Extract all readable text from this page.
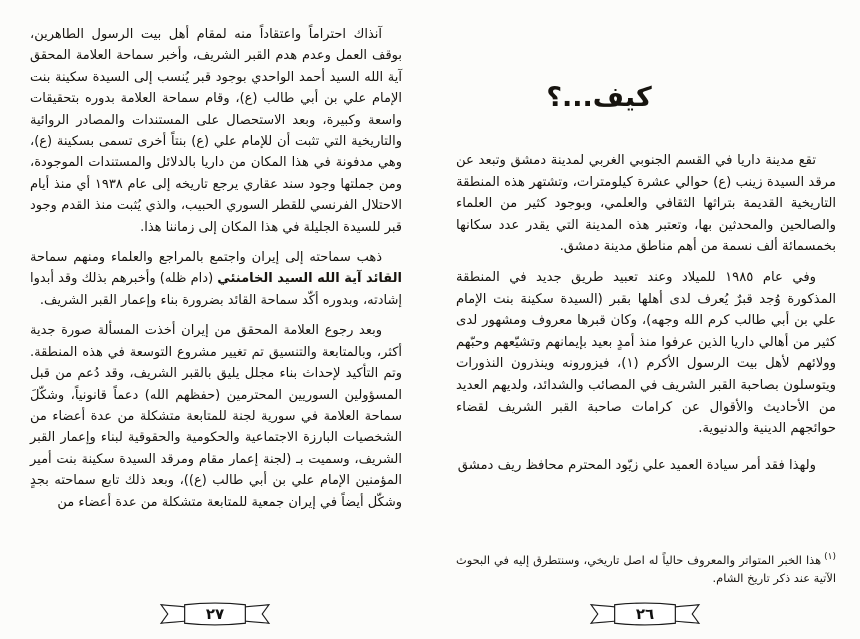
كيف...؟

تقع مدينة داريا في القسم الجنوبي الغربي لمدينة دمشق وتبعد عن مرقد السيدة زينب (ع) حوالي عشرة كيلومترات، وتشتهر هذه المنطقة التاريخية القديمة بتراثها الثقافي والعلمي، وبوجود كثير من العلماء والصالحين والمحدثين بها، وتعتبر هذه المدينة التي يقدر عدد سكانها بخمسمائة ألف نسمة من أهم مناطق مدينة دمشق.

وفي عام ١٩٨٥ للميلاد وعند تعبيد طريق جديد في المنطقة المذكورة وُجد قبرٌ يُعرف لدى أهلها بقبر (السيدة سكينة بنت الإمام علي بن أبي طالب كرم الله وجهه)، وكان قبرها معروف ومشهور لدى كثير من أهالي داريا الذين عرفوا منذ أمدٍ بعيد بإيمانهم وتشيّعهم وحبّهم وولائهم لأهل بيت الرسول الأكرم (١)، فيزورونه وينذرون النذورات ويتوسلون بصاحبة القبر الشريف في المصائب والشدائد، ولديهم العديد من الأحاديث والأقوال عن كرامات صاحبة القبر الشريف لقضاء حوائجهم الدينية والدنيوية.

ولهذا فقد أمر سيادة العميد علي زيّود المحترم محافظ ريف دمشق

$^{(١)}$هذا الخبر المتواتر والمعروف حالياً له اصل تاريخي، وسنتطرق إليه في البحوث الآتية عند ذكر تاريخ الشام.

٢٦

آنذاك احتراماً واعتقاداً منه لمقام أهل بيت الرسول الطاهرين، بوقف العمل وعدم هدم القبر الشريف، وأخبر سماحة العلامة المحقق آية الله السيد أحمد الواحدي بوجود قبر يُنسب إلى السيدة سكينة بنت الإمام علي بن أبي طالب (ع)، وقام سماحة العلامة بدوره بتحقيقات واسعة وكبيرة، وبعد الاستحصال على المستندات والمصادر الروائية والتاريخية التي تثبت أن للإمام علي (ع) بنتاً أخرى تسمى بسكينة (ع)، وهي مدفونة في هذا المكان من داريا بالدلائل والمستندات الموجودة، ومن جملتها وجود سند عقاري يرجع تاريخه إلى عام ١٩٣٨ أي منذ أيام الاحتلال الفرنسي للقطر السوري الحبيب، والذي يُثبت منذ القدم وجود قبر للسيدة الجليلة في هذا المكان إلى زماننا هذا.

ذهب سماحته إلى إيران واجتمع بالمراجع والعلماء ومنهم سماحة القائد آية الله السيد الخامنئي (دام ظله) وأخبرهم بذلك وقد أبدوا إشادته، وبدوره أكّد سماحة القائد بضرورة بناء وإعمار القبر الشريف.

وبعد رجوع العلامة المحقق من إيران أخذت المسألة صورة جدية أكثر، وبالمتابعة والتنسيق تم تغيير مشروع التوسعة في هذه المنطقة. وتم التأكيد لإحداث بناء مجلل يليق بالقبر الشريف، وقد دُعم من قبل المسؤولين السوريين المحترمين (حفظهم الله) دعماً قانونياً، وشكّلَ سماحة العلامة في سورية لجنة للمتابعة متشكلة من عدة أعضاء من الشخصيات البارزة الاجتماعية والحكومية والحقوقية لبناء وإعمار القبر الشريف، وسميت بـ (لجنة إعمار مقام ومرقد السيدة سكينة بنت أمير المؤمنين الإمام علي بن أبي طالب (ع))، وبعد ذلك تابع سماحته بجدٍ وشكّل أيضاً في إيران جمعية للمتابعة متشكلة من عدة أعضاء من

٢٧
